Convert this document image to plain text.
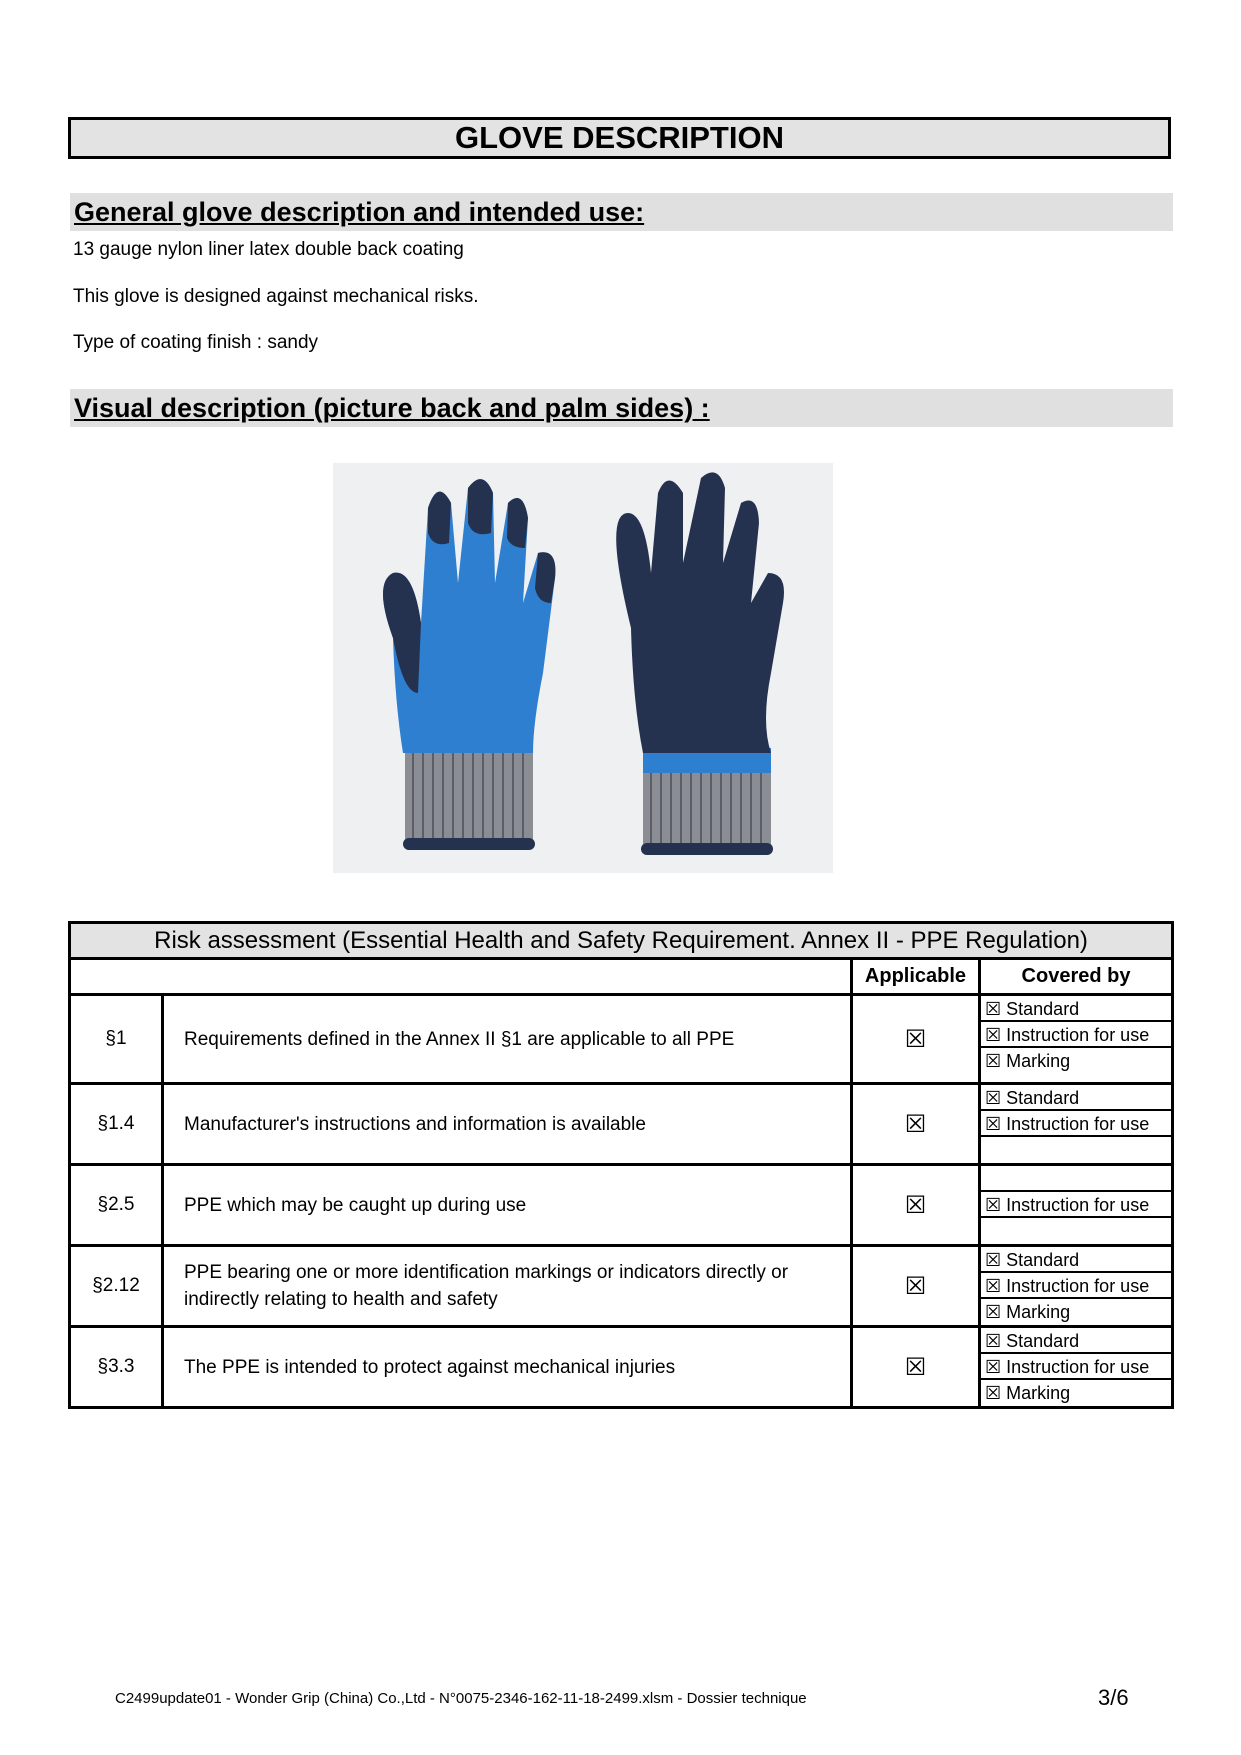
GLOVE DESCRIPTION
General glove description and intended use:
13 gauge nylon liner latex double back coating
This glove is designed against mechanical risks.
Type of coating finish : sandy
Visual description (picture back and palm sides) :
Risk assessment (Essential Health and Safety Requirement. Annex II - PPE Regulation)			
		Applicable	Covered by
§1	Requirements defined in the Annex II §1 are applicable to all PPE	☒	☒ Standard
☒ Instruction for use
☒ Marking

§1.4	Manufacturer's instructions and information is available	☒	☒ Standard
☒ Instruction for use

§2.5	PPE which may be caught up during use	☒	☒ Instruction for use

§2.12	PPE bearing one or more identification markings or indicators directly or indirectly relating to health and safety	☒	☒ Standard
☒ Instruction for use
☒ Marking

§3.3	The PPE is intended to protect against mechanical injuries	☒	☒ Standard
☒ Instruction for use
☒ Marking
C2499update01 - Wonder Grip (China) Co.,Ltd - N°0075-2346-162-11-18-2499.xlsm - Dossier technique	3/6
